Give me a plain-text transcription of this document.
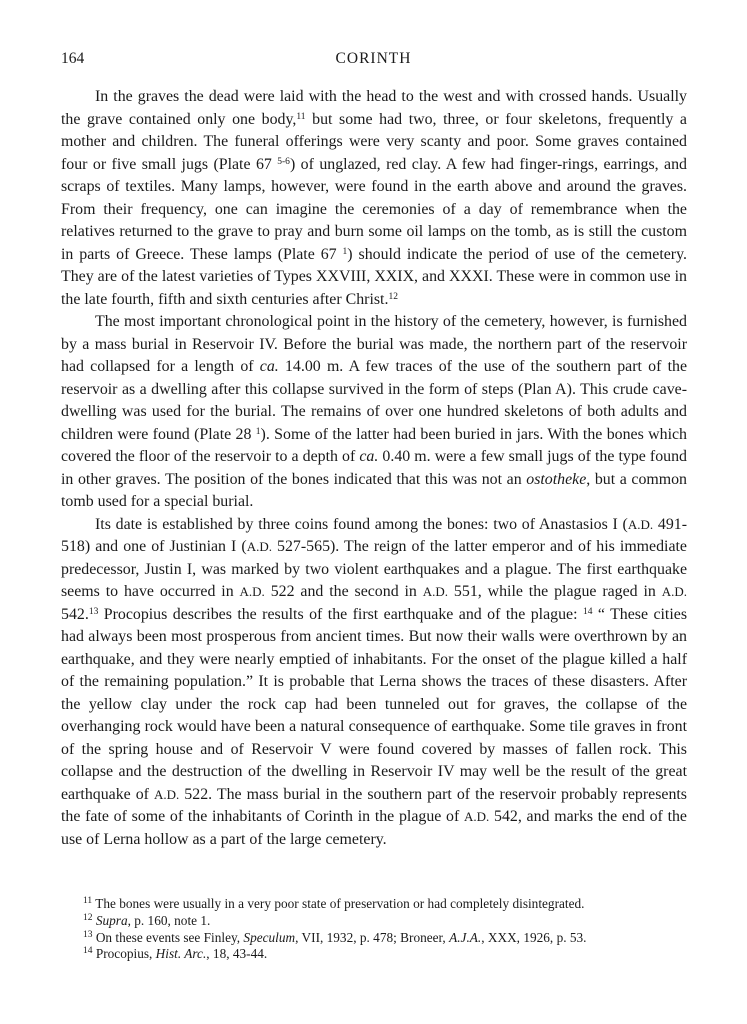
164	CORINTH

In the graves the dead were laid with the head to the west and with crossed hands. Usually the grave contained only one body,$^{11}$ but some had two, three, or four skeletons, frequently a mother and children. The funeral offerings were very scanty and poor. Some graves contained four or five small jugs (Plate 67 $^{5-6}$) of unglazed, red clay. A few had finger-rings, earrings, and scraps of textiles. Many lamps, however, were found in the earth above and around the graves. From their frequency, one can imagine the ceremonies of a day of remembrance when the relatives returned to the grave to pray and burn some oil lamps on the tomb, as is still the custom in parts of Greece. These lamps (Plate 67 $^1$) should indicate the period of use of the cemetery. They are of the latest varieties of Types XXVIII, XXIX, and XXXI. These were in common use in the late fourth, fifth and sixth centuries after Christ.$^{12}$

The most important chronological point in the history of the cemetery, however, is furnished by a mass burial in Reservoir IV. Before the burial was made, the northern part of the reservoir had collapsed for a length of ca. 14.00 m. A few traces of the use of the southern part of the reservoir as a dwelling after this collapse survived in the form of steps (Plan A). This crude cave-dwelling was used for the burial. The remains of over one hundred skeletons of both adults and children were found (Plate 28 $^1$). Some of the latter had been buried in jars. With the bones which covered the floor of the reservoir to a depth of ca. 0.40 m. were a few small jugs of the type found in other graves. The position of the bones indicated that this was not an ostotheke, but a common tomb used for a special burial.

Its date is established by three coins found among the bones: two of Anastasios I (A.D. 491-518) and one of Justinian I (A.D. 527-565). The reign of the latter emperor and of his immediate predecessor, Justin I, was marked by two violent earthquakes and a plague. The first earthquake seems to have occurred in A.D. 522 and the second in A.D. 551, while the plague raged in A.D. 542.13 Procopius describes the results of the first earthquake and of the plague: $^{14}$ “ These cities had always been most prosperous from ancient times. But now their walls were overthrown by an earthquake, and they were nearly emptied of inhabitants. For the onset of the plague killed a half of the remaining population.” It is probable that Lerna shows the traces of these disasters. After the yellow clay under the rock cap had been tunneled out for graves, the collapse of the overhanging rock would have been a natural consequence of earthquake. Some tile graves in front of the spring house and of Reservoir V were found covered by masses of fallen rock. This collapse and the destruction of the dwelling in Reservoir IV may well be the result of the great earthquake of A.D. 522. The mass burial in the southern part of the reservoir probably represents the fate of some of the inhabitants of Corinth in the plague of A.D. 542, and marks the end of the use of Lerna hollow as a part of the large cemetery.

$^{11}$ The bones were usually in a very poor state of preservation or had completely disintegrated.
$^{12}$ Supra, p. 160, note 1.
$^{13}$ On these events see Finley, Speculum, VII, 1932, p. 478; Broneer, A.J.A., XXX, 1926, p. 53.
$^{14}$ Procopius, Hist. Arc., 18, 43-44.
